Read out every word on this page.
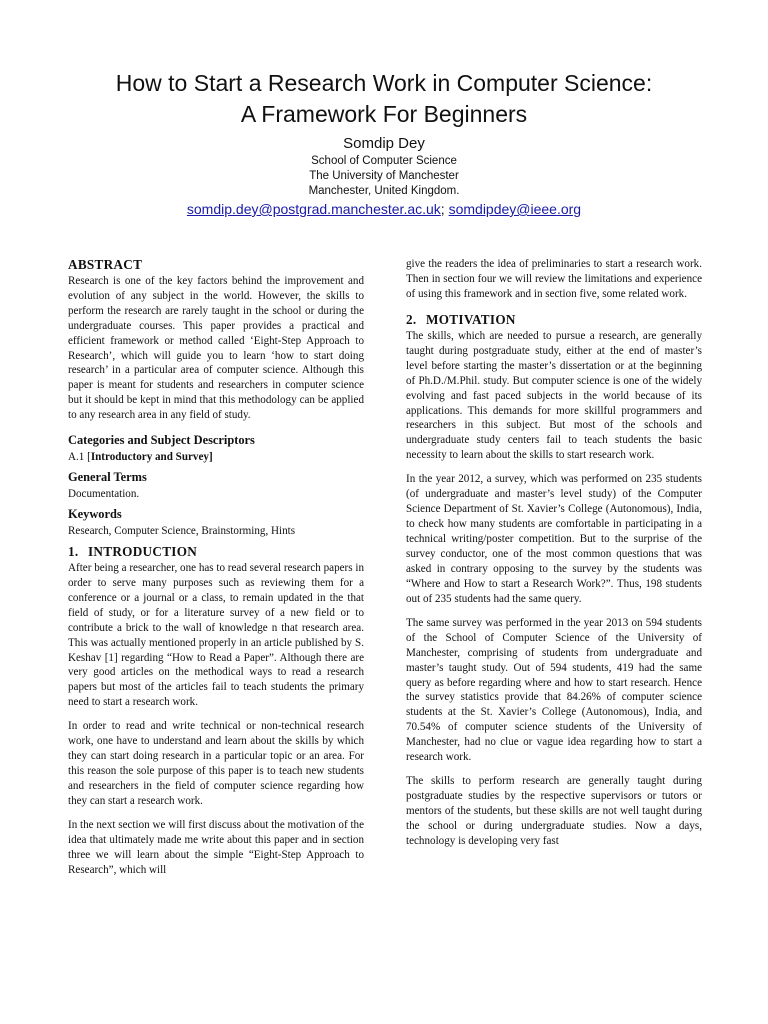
How to Start a Research Work in Computer Science:
A Framework For Beginners
Somdip Dey
School of Computer Science
The University of Manchester
Manchester, United Kingdom.
somdip.dey@postgrad.manchester.ac.uk; somdipdey@ieee.org
ABSTRACT

Research is one of the key factors behind the improvement and evolution of any subject in the world. However, the skills to perform the research are rarely taught in the school or during the undergraduate courses. This paper provides a practical and efficient framework or method called ‘Eight-Step Approach to Research’, which will guide you to learn ‘how to start doing research’ in a particular area of computer science. Although this paper is meant for students and researchers in computer science but it should be kept in mind that this methodology can be applied to any research area in any field of study.

Categories and Subject Descriptors

A.1 [Introductory and Survey]

General Terms

Documentation.

Keywords

Research, Computer Science, Brainstorming, Hints

1. INTRODUCTION

After being a researcher, one has to read several research papers in order to serve many purposes such as reviewing them for a conference or a journal or a class, to remain updated in the that field of study, or for a literature survey of a new field or to contribute a brick to the wall of knowledge n that research area. This was actually mentioned properly in an article published by S. Keshav [1] regarding “How to Read a Paper”. Although there are very good articles on the methodical ways to read a research papers but most of the articles fail to teach students the primary need to start a research work.

In order to read and write technical or non-technical research work, one have to understand and learn about the skills by which they can start doing research in a particular topic or an area. For this reason the sole purpose of this paper is to teach new students and researchers in the field of computer science regarding how they can start a research work.

In the next section we will first discuss about the motivation of the idea that ultimately made me write about this paper and in section three we will learn about the simple “Eight-Step Approach to Research”, which will

give the readers the idea of preliminaries to start a research work. Then in section four we will review the limitations and experience of using this framework and in section five, some related work.

2. MOTIVATION

The skills, which are needed to pursue a research, are generally taught during postgraduate study, either at the end of master’s level before starting the master’s dissertation or at the beginning of Ph.D./M.Phil. study. But computer science is one of the widely evolving and fast paced subjects in the world because of its applications. This demands for more skillful programmers and researchers in this subject. But most of the schools and undergraduate study centers fail to teach students the basic necessity to learn about the skills to start research work.

In the year 2012, a survey, which was performed on 235 students (of undergraduate and master’s level study) of the Computer Science Department of St. Xavier’s College (Autonomous), India, to check how many students are comfortable in participating in a technical writing/poster competition. But to the surprise of the survey conductor, one of the most common questions that was asked in contrary opposing to the survey by the students was “Where and How to start a Research Work?”. Thus, 198 students out of 235 students had the same query.

The same survey was performed in the year 2013 on 594 students of the School of Computer Science of the University of Manchester, comprising of students from undergraduate and master’s taught study. Out of 594 students, 419 had the same query as before regarding where and how to start research. Hence the survey statistics provide that 84.26% of computer science students at the St. Xavier’s College (Autonomous), India, and 70.54% of computer science students of the University of Manchester, had no clue or vague idea regarding how to start a research work.

The skills to perform research are generally taught during postgraduate studies by the respective supervisors or tutors or mentors of the students, but these skills are not well taught during the school or during undergraduate studies. Now a days, technology is developing very fast
